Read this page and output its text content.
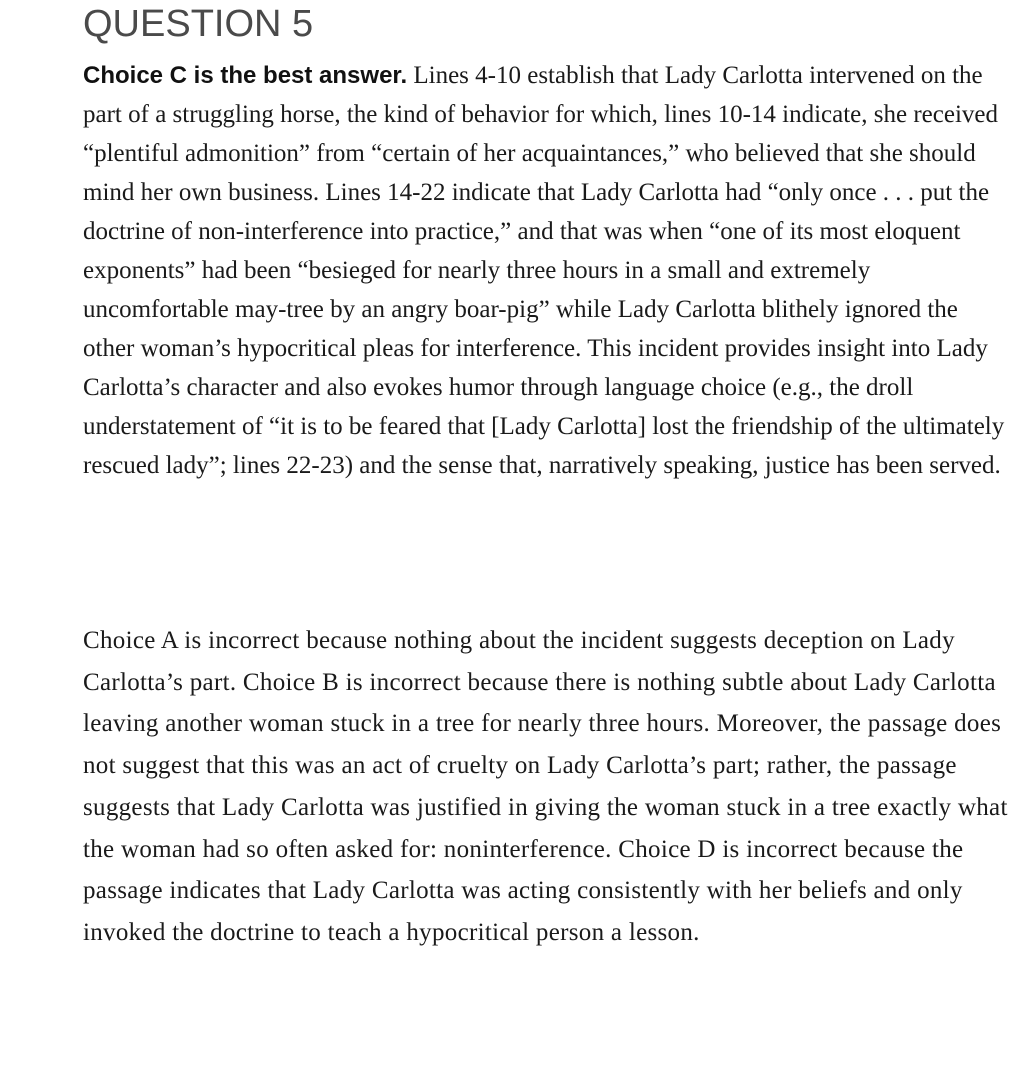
QUESTION 5

Choice C is the best answer. Lines 4-10 establish that Lady Carlotta intervened on the part of a struggling horse, the kind of behavior for which, lines 10-14 indicate, she received “plentiful admonition” from “certain of her acquaintances,” who believed that she should mind her own business. Lines 14-22 indicate that Lady Carlotta had “only once . . . put the doctrine of non-interference into practice,” and that was when “one of its most eloquent exponents” had been “besieged for nearly three hours in a small and extremely uncomfortable may-tree by an angry boar-pig” while Lady Carlotta blithely ignored the other woman’s hypocritical pleas for interference. This incident provides insight into Lady Carlotta’s character and also evokes humor through language choice (e.g., the droll understatement of “it is to be feared that [Lady Carlotta] lost the friendship of the ultimately rescued lady”; lines 22-23) and the sense that, narratively speaking, justice has been served.

Choice A is incorrect because nothing about the incident suggests deception on Lady Carlotta’s part. Choice B is incorrect because there is nothing subtle about Lady Carlotta leaving another woman stuck in a tree for nearly three hours. Moreover, the passage does not suggest that this was an act of cruelty on Lady Carlotta’s part; rather, the passage suggests that Lady Carlotta was justified in giving the woman stuck in a tree exactly what the woman had so often asked for: noninterference. Choice D is incorrect because the passage indicates that Lady Carlotta was acting consistently with her beliefs and only invoked the doctrine to teach a hypocritical person a lesson.
